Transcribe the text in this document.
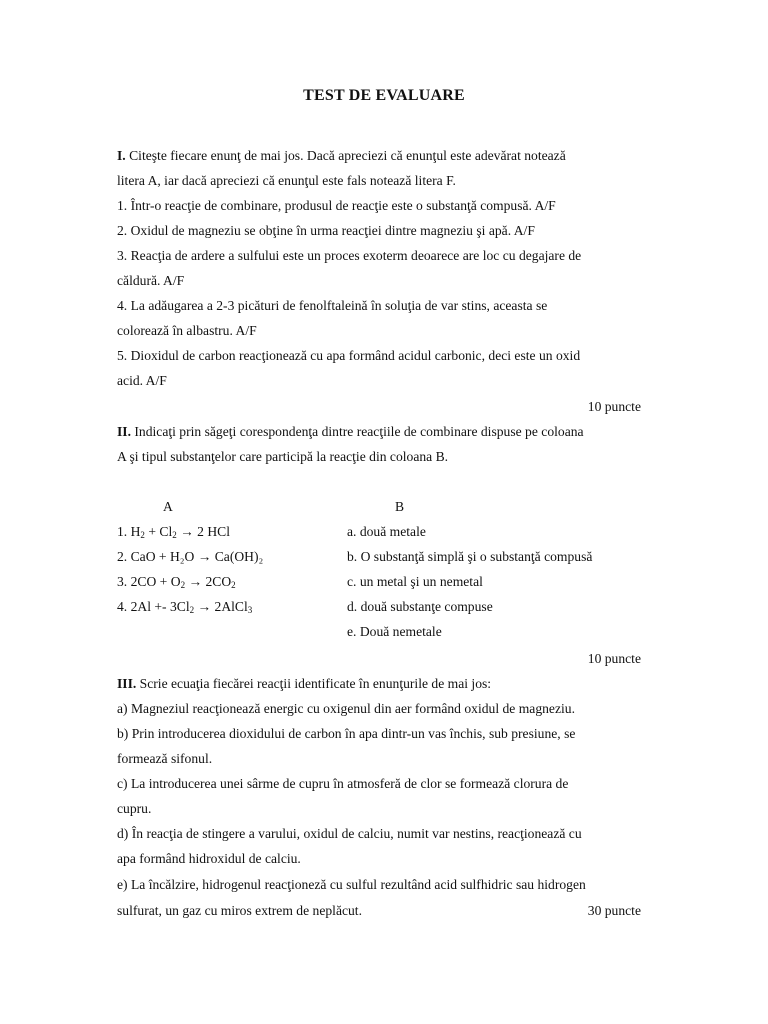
TEST DE EVALUARE
I. Citeşte fiecare enunţ de mai jos. Dacă apreciezi că enunţul este adevărat notează
litera A, iar dacă apreciezi că enunţul este fals notează litera F.
1. Într-o reacţie de combinare, produsul de reacţie este o substanţă compusă. A/F
2. Oxidul de magneziu se obţine în urma reacţiei dintre magneziu şi apă. A/F
3. Reacţia de ardere a sulfului este un proces exoterm deoarece are loc cu degajare de
căldură. A/F
4. La adăugarea a 2-3 picături de fenolftaleină în soluţia de var stins, aceasta se
colorează în albastru. A/F
5. Dioxidul de carbon reacţionează cu apa formând acidul carbonic, deci este un oxid
acid. A/F
10 puncte
II. Indicaţi prin săgeţi corespondenţa dintre reacţiile de combinare dispuse pe coloana
A şi tipul substanţelor care participă la reacţie din coloana B.
A	B
1. $H_2 + Cl_2 \to 2$ HCl
2. CaO + H₂O → Ca(OH)₂
3. $2CO + O_2 \to 2CO_2$
4. $2Al +- 3Cl_2$ → 2AlCl$_3$
a. două metale
b. O substanţă simplă şi o substanţă compusă
c. un metal şi un nemetal
d. două substanţe compuse
e. Două nemetale
10 puncte
III. Scrie ecuaţia fiecărei reacţii identificate în enunţurile de mai jos:
a) Magneziul reacţionează energic cu oxigenul din aer formând oxidul de magneziu.
b) Prin introducerea dioxidului de carbon în apa dintr-un vas închis, sub presiune, se
formează sifonul.
c) La introducerea unei sârme de cupru în atmosferă de clor se formează clorura de
cupru.
d) În reacţia de stingere a varului, oxidul de calciu, numit var nestins, reacţionează cu
apa formând hidroxidul de calciu.
e) La încălzire, hidrogenul reacţioneză cu sulful rezultând acid sulfhidric sau hidrogen
sulfurat, un gaz cu miros extrem de neplăcut.	30 puncte
